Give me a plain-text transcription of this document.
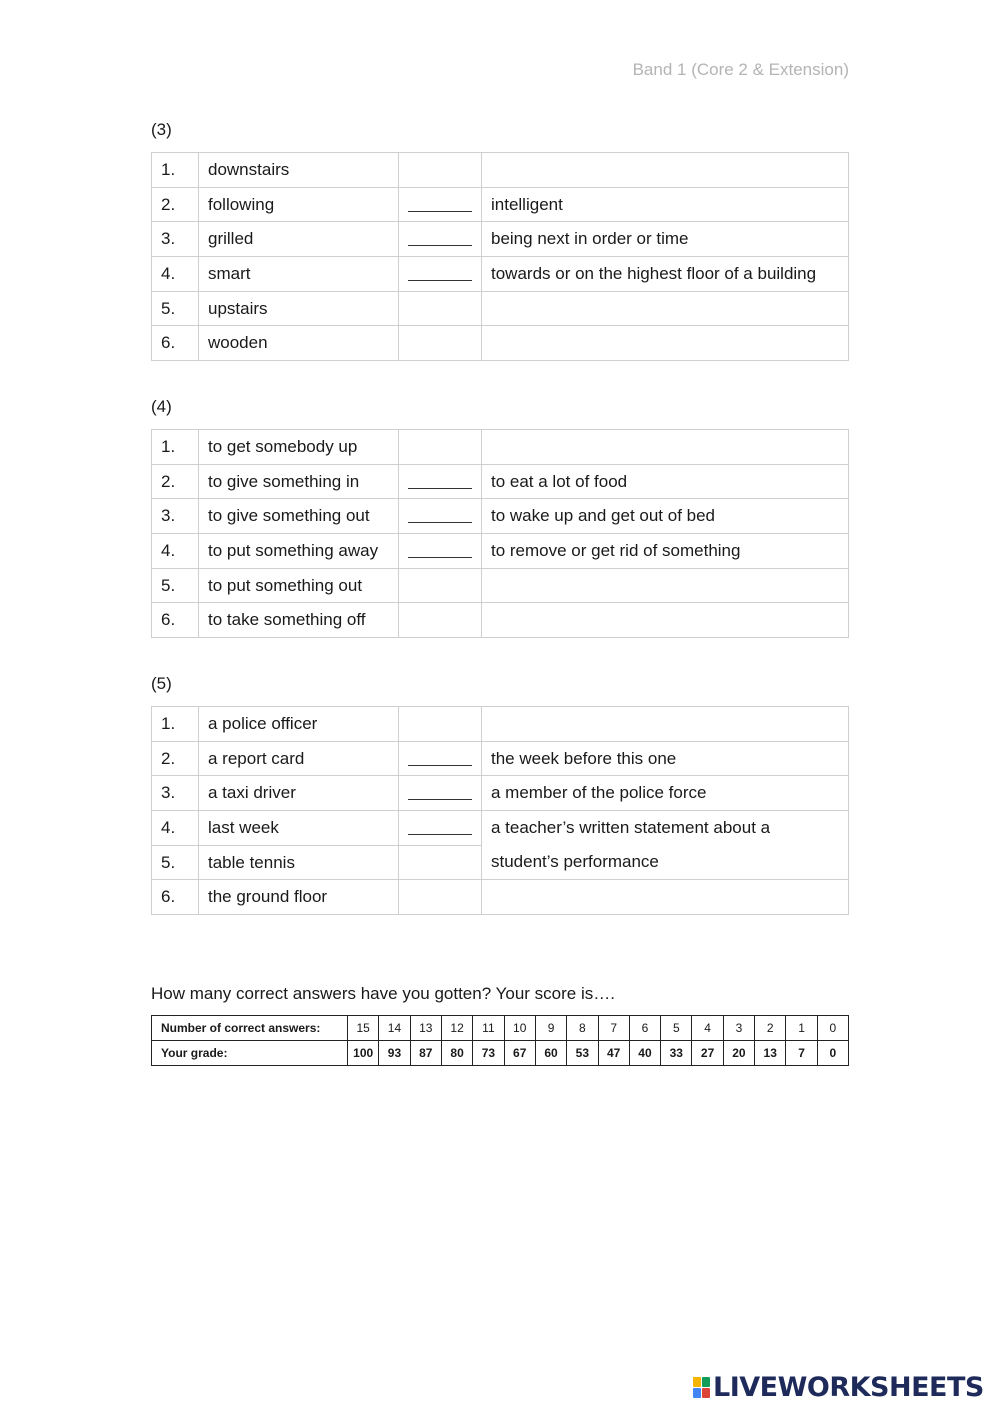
Band 1 (Core 2 & Extension)
(3)
1.	downstairs		
2.	following		intelligent
3.	grilled		being next in order or time
4.	smart		towards or on the highest floor of a building
5.	upstairs		
6.	wooden		
(4)
1.	to get somebody up		
2.	to give something in		to eat a lot of food
3.	to give something out		to wake up and get out of bed
4.	to put something away		to remove or get rid of something
5.	to put something out		
6.	to take something off		
(5)
1.	a police officer		
2.	a report card		the week before this one
3.	a taxi driver		a member of the police force
4.	last week		a teacher’s written statement about a student’s performance
5.	table tennis		
6.	the ground floor		
How many correct answers have you gotten? Your score is….
Number of correct answers:	15	14	13	12	11	10	9	8	7	6	5	4	3	2	1	0
Your grade:	100	93	87	80	73	67	60	53	47	40	33	27	20	13	7	0
LIVEWORKSHEETS
